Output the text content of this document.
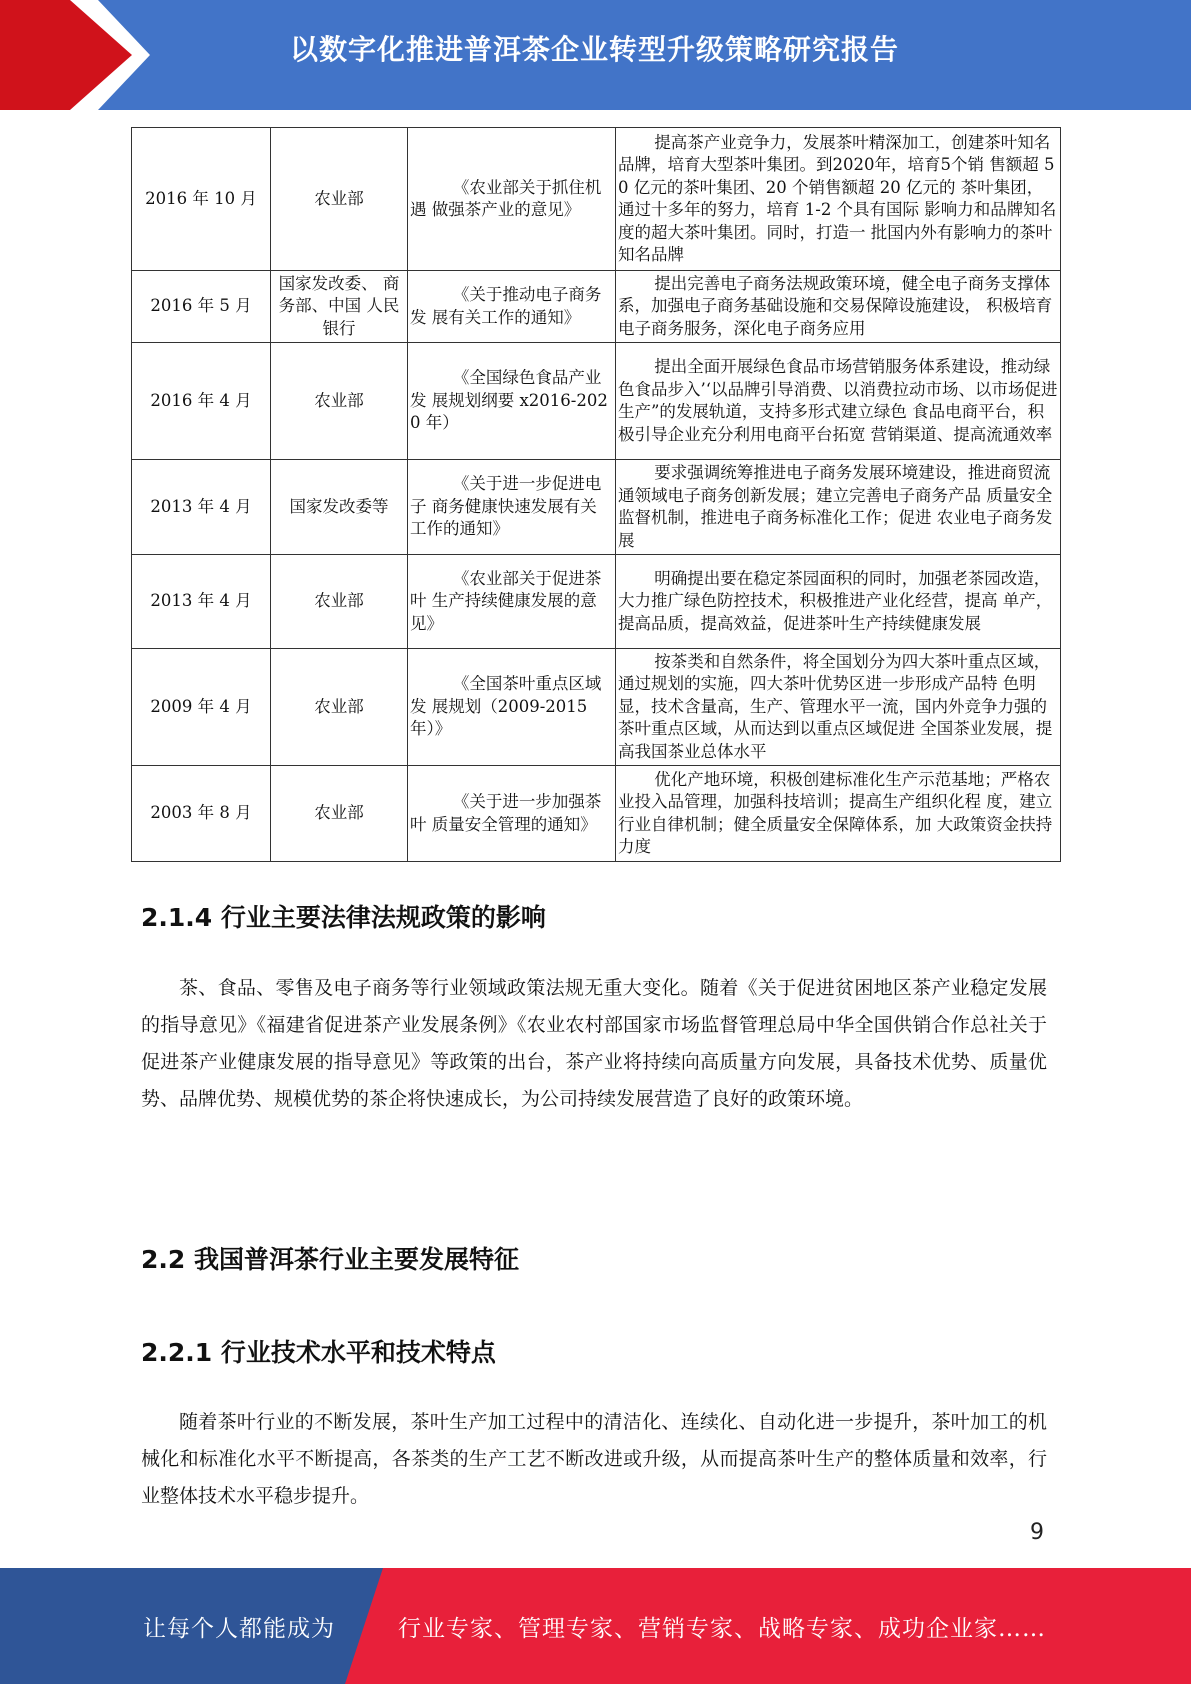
以数字化推进普洱茶企业转型升级策略研究报告
2016 年 10 月	农业部	《农业部关于抓住机遇 做强茶产业的意见》	提高茶产业竞争力，发展茶叶精深加工，创建茶叶知名品牌，培育大型茶叶集团。到2020年，培育5个销 售额超 50 亿元的茶叶集团、20 个销售额超 20 亿元的 茶叶集团，通过十多年的努力，培育 1-2 个具有国际 影响力和品牌知名度的超大茶叶集团。同时，打造一 批国内外有影响力的茶叶知名品牌
2016 年 5 月	国家发改委、 商务部、中国 人民银行	《关于推动电子商务发 展有关工作的通知》	提出完善电子商务法规政策环境，健全电子商务支撑体系，加强电子商务基础设施和交易保障设施建设， 积极培育电子商务服务，深化电子商务应用
2016 年 4 月	农业部	《全国绿色食品产业发 展规划纲要 x2016-2020 年）	提出全面开展绿色食品市场营销服务体系建设，推动绿色食品步入’‘以品牌引导消费、以消费拉动市场、以市场促进生产”的发展轨道，支持多形式建立绿色 食品电商平台，积极引导企业充分利用电商平台拓宽 营销渠道、提高流通效率
2013 年 4 月	国家发改委等	《关于进一步促进电子 商务健康快速发展有关 工作的通知》	要求强调统筹推进电子商务发展环境建设，推进商贸流通领域电子商务创新发展；建立完善电子商务产品 质量安全监督机制，推进电子商务标准化工作；促进 农业电子商务发展
2013 年 4 月	农业部	《农业部关于促进茶叶 生产持续健康发展的意 见》	明确提出要在稳定茶园面积的同时，加强老茶园改造， 大力推广绿色防控技术，积极推进产业化经营，提高 单产，提高品质，提高效益，促进茶叶生产持续健康发展
2009 年 4 月	农业部	《全国茶叶重点区域发 展规划（2009-2015年）》	按茶类和自然条件，将全国划分为四大茶叶重点区域， 通过规划的实施，四大茶叶优势区进一步形成产品特 色明显，技术含量高，生产、管理水平一流，国内外竞争力强的茶叶重点区域，从而达到以重点区域促进 全国茶业发展，提高我国茶业总体水平
2003 年 8 月	农业部	《关于进一步加强茶叶 质量安全管理的通知》	优化产地环境，积极创建标准化生产示范基地；严格农业投入品管理，加强科技培训；提高生产组织化程 度，建立行业自律机制；健全质量安全保障体系，加 大政策资金扶持力度
2.1.4 行业主要法律法规政策的影响

茶、食品、零售及电子商务等行业领域政策法规无重大变化。随着《关于促进贫困地区茶产业稳定发展的指导意见》《福建省促进茶产业发展条例》《农业农村部国家市场监督管理总局中华全国供销合作总社关于促进茶产业健康发展的指导意见》等政策的出台，茶产业将持续向高质量方向发展，具备技术优势、质量优势、品牌优势、规模优势的茶企将快速成长，为公司持续发展营造了良好的政策环境。

2.2 我国普洱茶行业主要发展特征
2.2.1 行业技术水平和技术特点

随着茶叶行业的不断发展，茶叶生产加工过程中的清洁化、连续化、自动化进一步提升，茶叶加工的机械化和标准化水平不断提高，各茶类的生产工艺不断改进或升级，从而提高茶叶生产的整体质量和效率，行业整体技术水平稳步提升。

9
让每个人都能成为	行业专家、管理专家、营销专家、战略专家、成功企业家……
